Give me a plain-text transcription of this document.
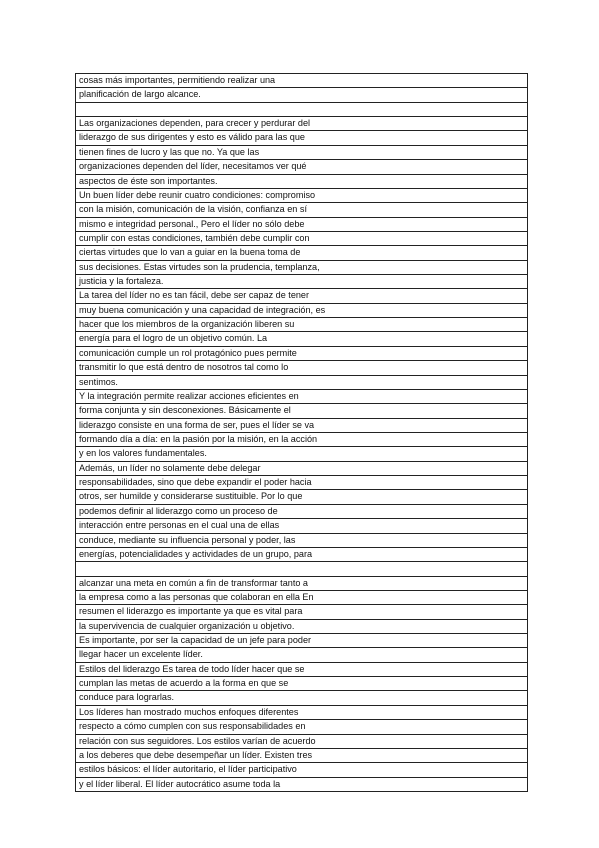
cosas más importantes, permitiendo realizar una
planificación de largo alcance.
Las organizaciones dependen, para crecer y perdurar del
liderazgo de sus dirigentes y esto es válido para las que
tienen fines de lucro y las que no. Ya que las
organizaciones dependen del líder, necesitamos ver qué
aspectos de éste son importantes.
Un buen líder debe reunir cuatro condiciones: compromiso
con la misión, comunicación de la visión, confianza en sí
mismo e integridad personal., Pero el líder no sólo debe
cumplir con estas condiciones, también debe cumplir con
ciertas virtudes que lo van a guiar en la buena toma de
sus decisiones. Estas virtudes son la prudencia, templanza,
justicia y la fortaleza.
La tarea del líder no es tan fácil, debe ser capaz de tener
muy buena comunicación y una capacidad de integración, es
hacer que los miembros de la organización liberen su
energía para el logro de un objetivo común. La
comunicación cumple un rol protagónico pues permite
transmitir lo que está dentro de nosotros tal como lo
sentimos.
Y la integración permite realizar acciones eficientes en
forma conjunta y sin desconexiones. Básicamente el
liderazgo consiste en una forma de ser, pues el líder se va
formando día a día: en la pasión por la misión, en la acción
y en los valores fundamentales.
Además, un líder no solamente debe delegar
responsabilidades, sino que debe expandir el poder hacia
otros, ser humilde y considerarse sustituible. Por lo que
podemos definir al liderazgo como un proceso de
interacción entre personas en el cual una de ellas
conduce, mediante su influencia personal y poder, las
energías, potencialidades y actividades de un grupo, para
alcanzar una meta en común a fin de transformar tanto a
la empresa como a las personas que colaboran en ella En
resumen el liderazgo es importante ya que es vital para
la supervivencia de cualquier organización u objetivo.
Es importante, por ser la capacidad de un jefe para poder
llegar hacer un excelente líder.
Estilos del liderazgo Es tarea de todo líder hacer que se
cumplan las metas de acuerdo a la forma en que se
conduce para lograrlas.
Los líderes han mostrado muchos enfoques diferentes
respecto a cómo cumplen con sus responsabilidades en
relación con sus seguidores. Los estilos varían de acuerdo
a los deberes que debe desempeñar un líder. Existen tres
estilos básicos: el líder autoritario, el líder participativo
y el líder liberal. El líder autocrático asume toda la
